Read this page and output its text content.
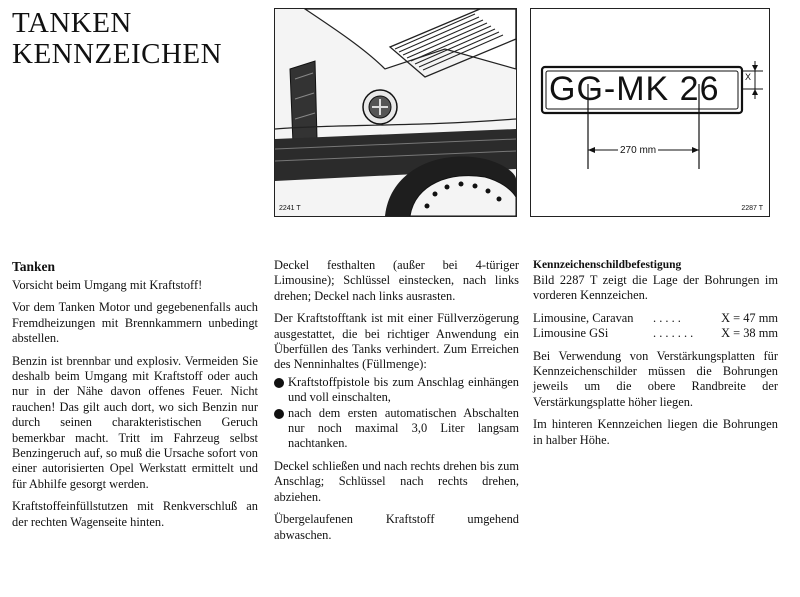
TANKEN
KENNZEICHEN
2241 T
GG-MK 26
270 mm
X
2287 T
Tanken

Vorsicht beim Umgang mit Kraftstoff!

Vor dem Tanken Motor und gegebenenfalls auch Fremdheizungen mit Brennkammern unbedingt abstellen.

Benzin ist brennbar und explosiv. Vermeiden Sie deshalb beim Umgang mit Kraftstoff oder auch nur in der Nähe davon offenes Feuer. Nicht rauchen! Das gilt auch dort, wo sich Benzin nur durch seinen charakteristischen Geruch bemerkbar macht. Tritt im Fahrzeug selbst Benzingeruch auf, so muß die Ursache sofort von einer autorisierten Opel Werkstatt ermittelt und für Abhilfe gesorgt werden.

Kraftstoffeinfüllstutzen mit Renkverschluß an der rechten Wagenseite hinten.

Deckel festhalten (außer bei 4-türiger Limousine); Schlüssel einstecken, nach links drehen; Deckel nach links ausrasten.

Der Kraftstofftank ist mit einer Füllverzögerung ausgestattet, die bei richtiger Anwendung ein Überfüllen des Tanks verhindert. Zum Erreichen des Nenninhaltes (Füllmenge):

Kraftstoffpistole bis zum Anschlag einhängen und voll einschalten,
nach dem ersten automatischen Abschalten nur noch maximal 3,0 Liter langsam nachtanken.

Deckel schließen und nach rechts drehen bis zum Anschlag; Schlüssel nach rechts drehen, abziehen.

Übergelaufenen Kraftstoff umgehend abwaschen.

Kennzeichenschildbefestigung

Bild 2287 T zeigt die Lage der Bohrungen im vorderen Kennzeichen.

Limousine, Caravan	. . . . .	X = 47 mm
Limousine GSi	. . . . . . .	X = 38 mm

Bei Verwendung von Verstärkungsplatten für Kennzeichenschilder müssen die Bohrungen jeweils um die obere Randbreite der Verstärkungsplatte höher liegen.

Im hinteren Kennzeichen liegen die Bohrungen in halber Höhe.
